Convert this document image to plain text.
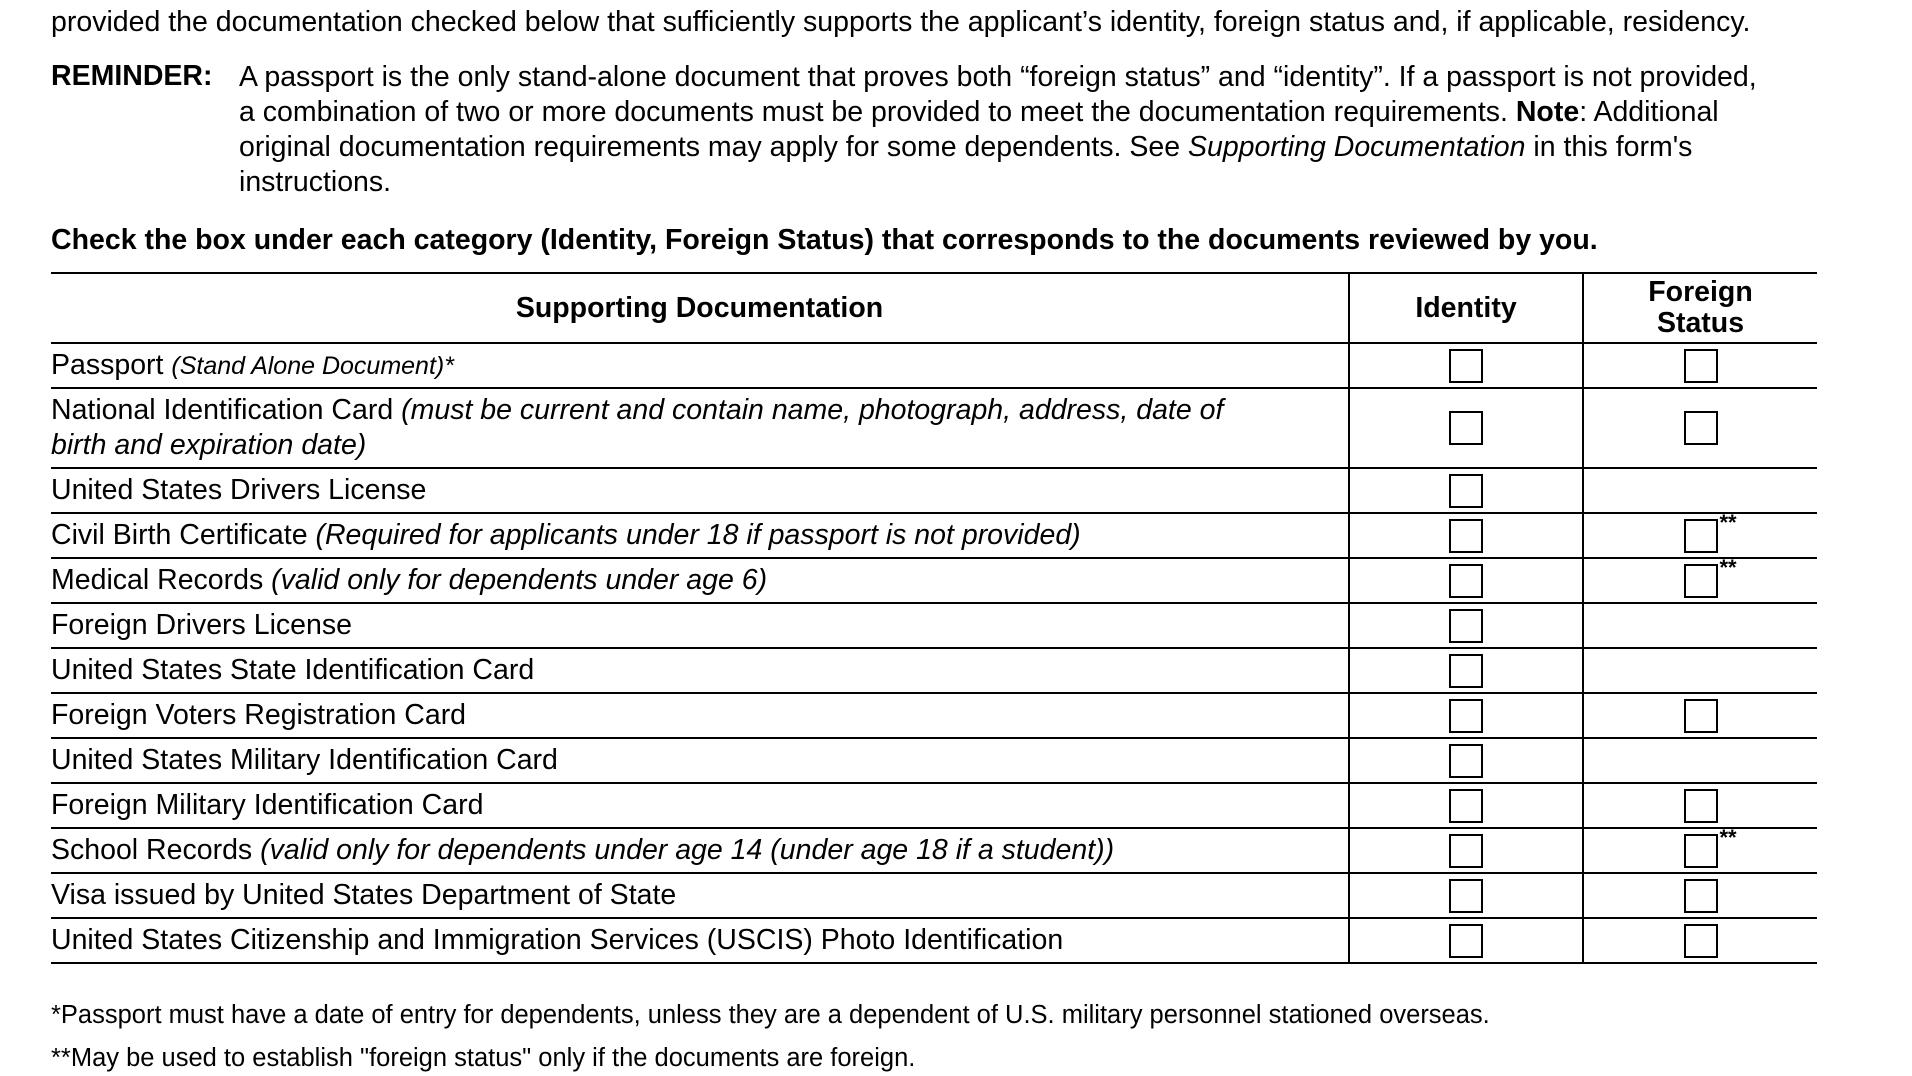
provided the documentation checked below that sufficiently supports the applicant’s identity, foreign status and, if applicable, residency.
REMINDER: A passport is the only stand-alone document that proves both “foreign status” and “identity”. If a passport is not provided,
a combination of two or more documents must be provided to meet the documentation requirements. Note: Additional
original documentation requirements may apply for some dependents. See Supporting Documentation in this form's
instructions.
Check the box under each category (Identity, Foreign Status) that corresponds to the documents reviewed by you.
Supporting Documentation	Identity	Foreign
Status
Passport (Stand Alone Document)*		
National Identification Card (must be current and contain name, photograph, address, date of
birth and expiration date)		
United States Drivers License		
Civil Birth Certificate (Required for applicants under 18 if passport is not provided)		**

Medical Records (valid only for dependents under age 6)		**

Foreign Drivers License		
United States State Identification Card		
Foreign Voters Registration Card		
United States Military Identification Card		
Foreign Military Identification Card		
School Records (valid only for dependents under age 14 (under age 18 if a student))		**

Visa issued by United States Department of State		
United States Citizenship and Immigration Services (USCIS) Photo Identification		
*Passport must have a date of entry for dependents, unless they are a dependent of U.S. military personnel stationed overseas.
**May be used to establish "foreign status" only if the documents are foreign.
